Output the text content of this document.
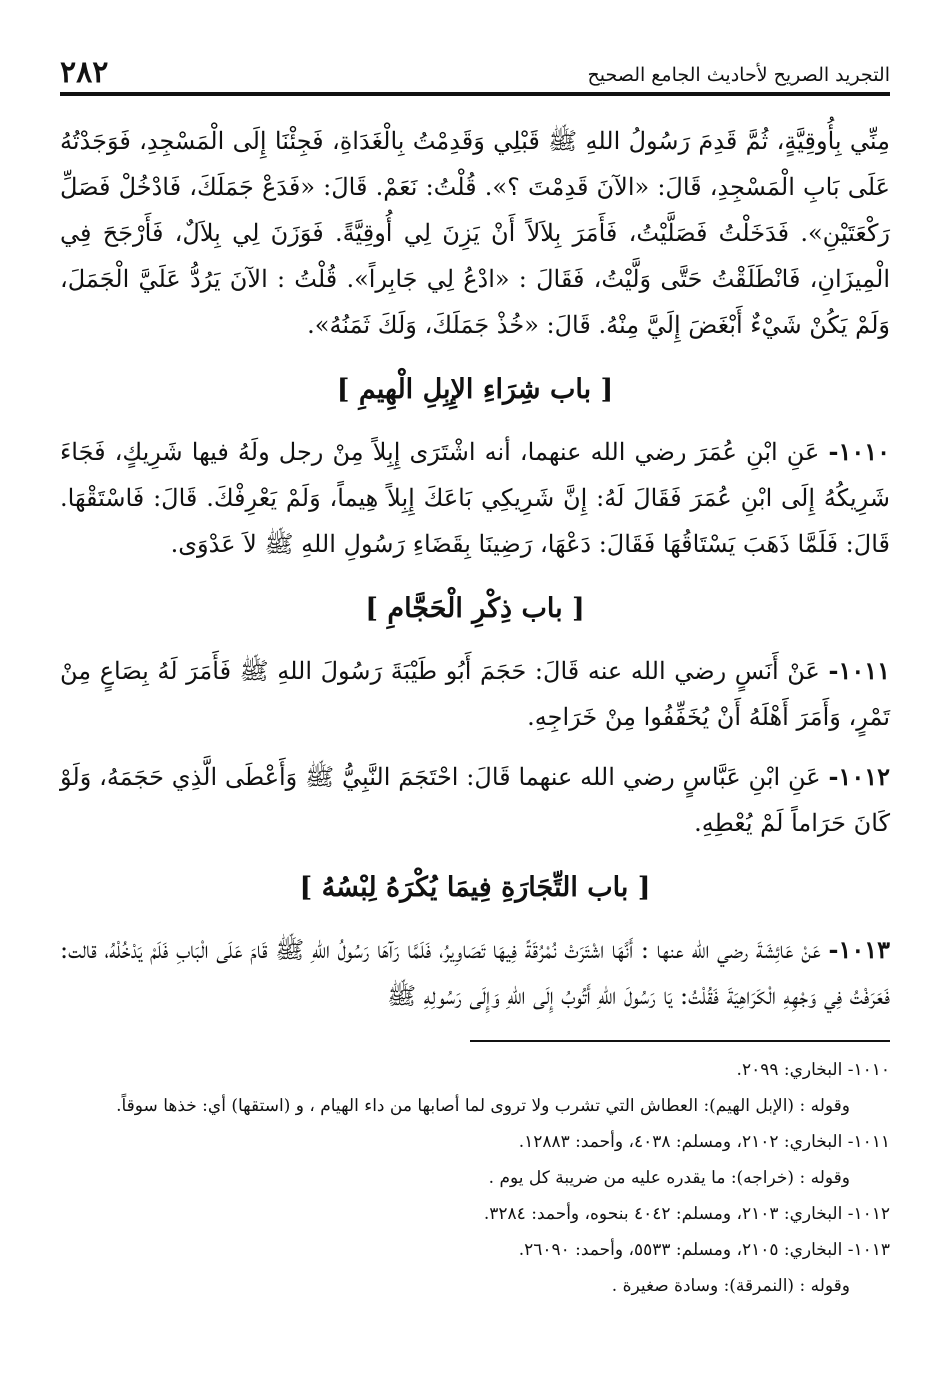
٢٨٢	التجريد الصريح لأحاديث الجامع الصحيح

مِنِّي بِأُوقِيَّةٍ، ثُمَّ قَدِمَ رَسُولُ اللهِ ﷺ قَبْلِي وَقَدِمْتُ بِالْغَدَاةِ، فَجِئْنَا إِلَى الْمَسْجِدِ، فَوَجَدْتُهُ عَلَى بَابِ الْمَسْجِدِ، قَالَ: «الآنَ قَدِمْتَ ؟». قُلْتُ: نَعَمْ. قَالَ: «فَدَعْ جَمَلَكَ، فَادْخُلْ فَصَلِّ رَكْعَتَيْنِ». فَدَخَلْتُ فَصَلَّيْتُ، فَأَمَرَ بِلاَلاً أَنْ يَزِنَ لِي أُوقِيَّةً. فَوَزَنَ لِي بِلاَلٌ، فَأَرْجَحَ فِي الْمِيزَانِ، فَانْطَلَقْتُ حَتَّى وَلَّيْتُ، فَقَالَ : «ادْعُ لِي جَابِراً». قُلْتُ : الآنَ يَرُدُّ عَلَيَّ الْجَمَلَ، وَلَمْ يَكُنْ شَيْءٌ أَبْغَضَ إِلَيَّ مِنْهُ. قَالَ: «خُذْ جَمَلَكَ، وَلَكَ ثَمَنُهُ».

[ باب شِرَاءِ الإِبِلِ الْهِيمِ ]

١٠١٠- عَنِ ابْنِ عُمَرَ رضي الله عنهما، أنه اشْتَرَى إِبِلاً مِنْ رجل ولَهُ فيها شَرِيكٍ، فَجَاءَ شَرِيكُهُ إِلَى ابْنِ عُمَرَ فَقَالَ لَهُ: إِنَّ شَرِيكِي بَاعَكَ إِبِلاً هِيماً، وَلَمْ يَعْرِفْكَ. قَالَ: فَاسْتَقْهَا. قَالَ: فَلَمَّا ذَهَبَ يَسْتَاقُهَا فَقَالَ: دَعْهَا، رَضِينَا بِقَضَاءِ رَسُولِ اللهِ ﷺ لاَ عَدْوَى.

[ باب ذِكْرِ الْحَجَّامِ ]

١٠١١- عَنْ أَنَسٍ رضي الله عنه قَالَ: حَجَمَ أَبُو طَيْبَةَ رَسُولَ اللهِ ﷺ فَأَمَرَ لَهُ بِصَاعٍ مِنْ تَمْرٍ، وَأَمَرَ أَهْلَهُ أَنْ يُخَفِّفُوا مِنْ خَرَاجِهِ.

١٠١٢- عَنِ ابْنِ عَبَّاسٍ رضي الله عنهما قَالَ: احْتَجَمَ النَّبِيُّ ﷺ وَأَعْطَى الَّذِي حَجَمَهُ، وَلَوْ كَانَ حَرَاماً لَمْ يُعْطِهِ.

[ باب التِّجَارَةِ فِيمَا يُكْرَهُ لِبْسُهُ ]

١٠١٣- عَنْ عَائِشَةَ رضي الله عنها : أَنَّهَا اشْتَرَتْ نُمْرُقَةً فِيهَا تَصَاوِيرُ، فَلَمَّا رَآهَا رَسُولُ اللهِ ﷺ قَامَ عَلَى الْبَابِ فَلَمْ يَدْخُلْهُ، قالت: فَعَرَفْتُ فِي وَجْهِهِ الْكَرَاهِيَةَ فَقُلْتُ: يَا رَسُولَ اللهِ أَتُوبُ إِلَى اللهِ وَإِلَى رَسُولِهِ ﷺ

١٠١٠- البخاري: ٢٠٩٩.

وقوله : (الإبل الهيم): العطاش التي تشرب ولا تروى لما أصابها من داء الهيام ، و (استقها) أي: خذها سوقاً.

١٠١١- البخاري: ٢١٠٢، ومسلم: ٤٠٣٨، وأحمد: ١٢٨٨٣.

وقوله : (خراجه): ما يقدره عليه من ضريبة كل يوم .

١٠١٢- البخاري: ٢١٠٣، ومسلم: ٤٠٤٢ بنحوه، وأحمد: ٣٢٨٤.

١٠١٣- البخاري: ٢١٠٥، ومسلم: ٥٥٣٣، وأحمد: ٢٦٠٩٠.

وقوله : (النمرقة): وسادة صغيرة .
